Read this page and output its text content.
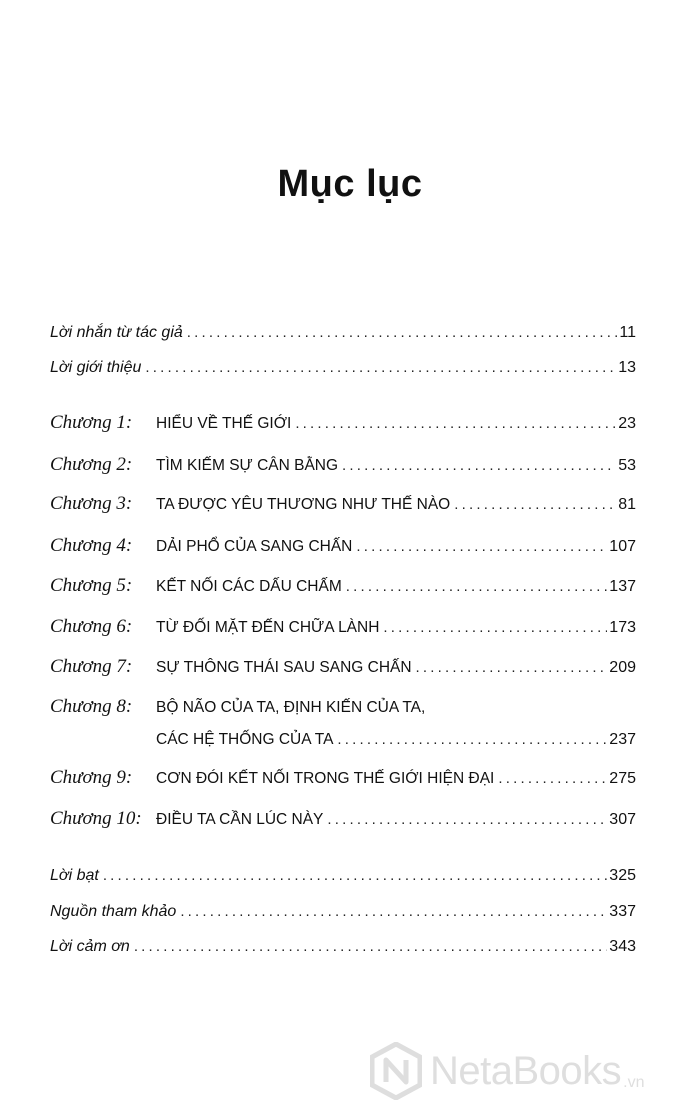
Mục lục
Lời nhắn từ tác giả .....	11
Lời giới thiệu .....	13
Chương 1:	HIỂU VỀ THẾ GIỚI .....	23
Chương 2:	TÌM KIẾM SỰ CÂN BẰNG .....	53
Chương 3:	TA ĐƯỢC YÊU THƯƠNG NHƯ THẾ NÀO .....	81
Chương 4:	DẢI PHỔ CỦA SANG CHẤN .....	107
Chương 5:	KẾT NỐI CÁC DẤU CHẤM .....	137
Chương 6:	TỪ ĐỐI MẶT ĐẾN CHỮA LÀNH .....	173
Chương 7:	SỰ THÔNG THÁI SAU SANG CHẤN .....	209
Chương 8:	BỘ NÃO CỦA TA, ĐỊNH KIẾN CỦA TA,
CÁC HỆ THỐNG CỦA TA .....	237
Chương 9:	CƠN ĐÓI KẾT NỐI TRONG THẾ GIỚI HIỆN ĐẠI .....	275
Chương 10: ĐIỀU TA CẦN LÚC NÀY .....	307
Lời bạt .....	325
Nguồn tham khảo .....	337
Lời cảm ơn .....	343
NetaBooks .vn
